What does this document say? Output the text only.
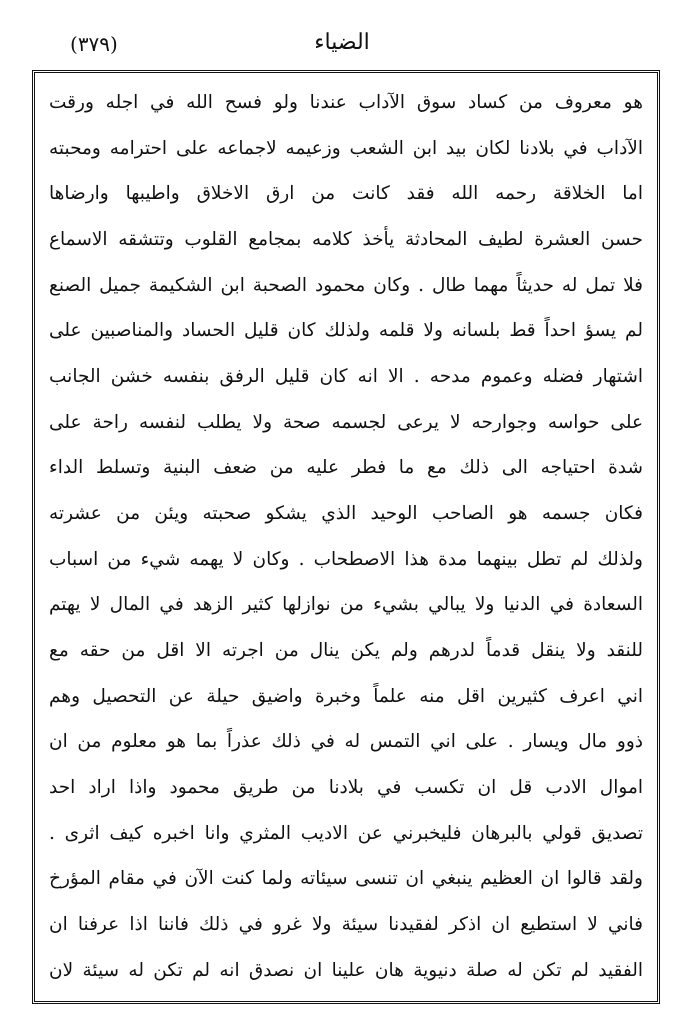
الضياء
(٣٧٩)
هو معروف من كساد سوق الآداب عندنا ولو فسح الله في اجله ورقت
الآداب في بلادنا لكان بيد ابن الشعب وزعيمه لاجماعه على احترامه ومحبته
اما الخلاقة رحمه الله فقد كانت من ارق الاخلاق واطيبها وارضاها
حسن العشرة لطيف المحادثة يأخذ كلامه بمجامع القلوب وتتشقه الاسماع
فلا تمل له حديثاً مهما طال . وكان محمود الصحبة ابن الشكيمة جميل الصنع
لم يسؤ احداً قط بلسانه ولا قلمه ولذلك كان قليل الحساد والمناصبين على
اشتهار فضله وعموم مدحه . الا انه كان قليل الرفق بنفسه خشن الجانب
على حواسه وجوارحه لا يرعى لجسمه صحة ولا يطلب لنفسه راحة على
شدة احتياجه الى ذلك مع ما فطر عليه من ضعف البنية وتسلط الداء
فكان جسمه هو الصاحب الوحيد الذي يشكو صحبته ويئن من عشرته
ولذلك لم تطل بينهما مدة هذا الاصطحاب . وكان لا يهمه شيء من اسباب
السعادة في الدنيا ولا يبالي بشيء من نوازلها كثير الزهد في المال لا يهتم
للنقد ولا ينقل قدماً لدرهم ولم يكن ينال من اجرته الا اقل من حقه مع
اني اعرف كثيرين اقل منه علماً وخبرة واضيق حيلة عن التحصيل وهم
ذوو مال ويسار . على اني التمس له في ذلك عذراً بما هو معلوم من ان
اموال الادب قل ان تكسب في بلادنا من طريق محمود واذا اراد احد
تصديق قولي بالبرهان فليخبرني عن الاديب المثري وانا اخبره كيف اثرى .
ولقد قالوا ان العظيم ينبغي ان تنسى سيئاته ولما كنت الآن في مقام المؤرخ
فاني لا استطيع ان اذكر لفقيدنا سيئة ولا غرو في ذلك فاننا اذا عرفنا ان
الفقيد لم تكن له صلة دنيوية هان علينا ان نصدق انه لم تكن له سيئة لان
